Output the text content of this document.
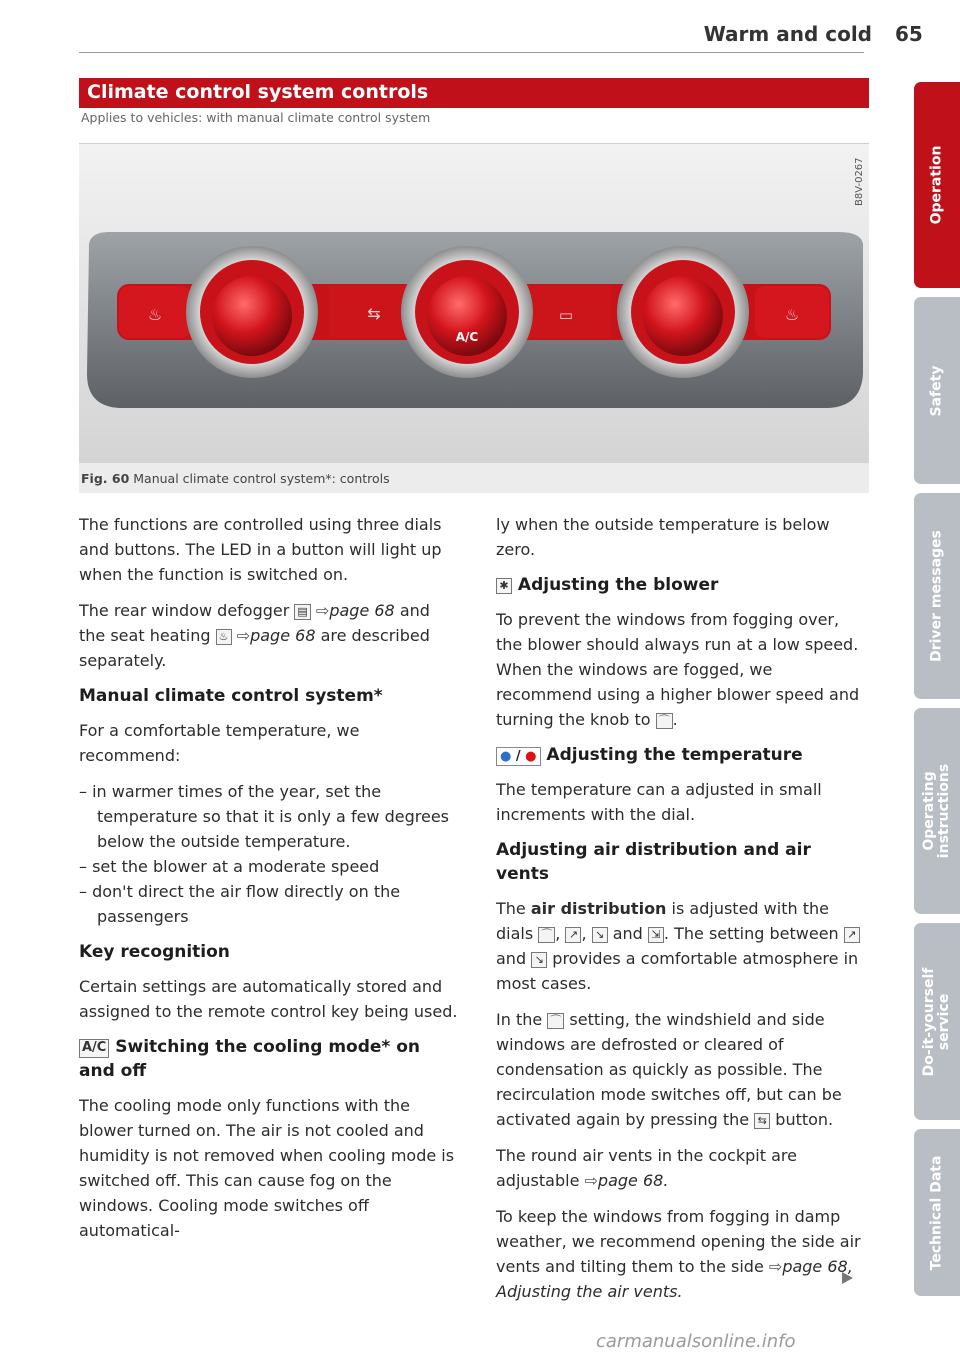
Warm and cold 65
Climate control system controls
Applies to vehicles: with manual climate control system
♨	⇆	▭	♨
A/C
B8V-0267
Fig. 60 Manual climate control system*: controls

The functions are controlled using three dials and buttons. The LED in a button will light up when the function is switched on.

The rear window defogger ▤ ⇨page 68 and the seat heating ♨ ⇨page 68 are described separately.

Manual climate control system*

For a comfortable temperature, we recommend:

– in warmer times of the year, set the temperature so that it is only a few degrees below the outside temperature.
– set the blower at a moderate speed
– don't direct the air flow directly on the passengers
Key recognition

Certain settings are automatically stored and assigned to the remote control key being used.

A/C Switching the cooling mode* on and off

The cooling mode only functions with the blower turned on. The air is not cooled and humidity is not removed when cooling mode is switched off. This can cause fog on the windows. Cooling mode switches off automatical-

ly when the outside temperature is below zero.

✱ Adjusting the blower

To prevent the windows from fogging over, the blower should always run at a low speed. When the windows are fogged, we recommend using a higher blower speed and turning the knob to ⌒ .

● / ● Adjusting the temperature

The temperature can a adjusted in small increments with the dial.

Adjusting air distribution and air vents

The air distribution is adjusted with the dials ⌒ , ↗ , ↘ and ⇲ . The setting between ↗ and ↘ provides a comfortable atmosphere in most cases.

In the ⌒ setting, the windshield and side windows are defrosted or cleared of condensation as quickly as possible. The recirculation mode switches off, but can be activated again by pressing the ⇆ button.

The round air vents in the cockpit are adjustable ⇨page 68.

To keep the windows from fogging in damp weather, we recommend opening the side air vents and tilting them to the side ⇨page 68, Adjusting the air vents.

Operation
Safety
Driver messages
Operating instructions
Do-it-yourself service
Technical Data
carmanualsonline.info
